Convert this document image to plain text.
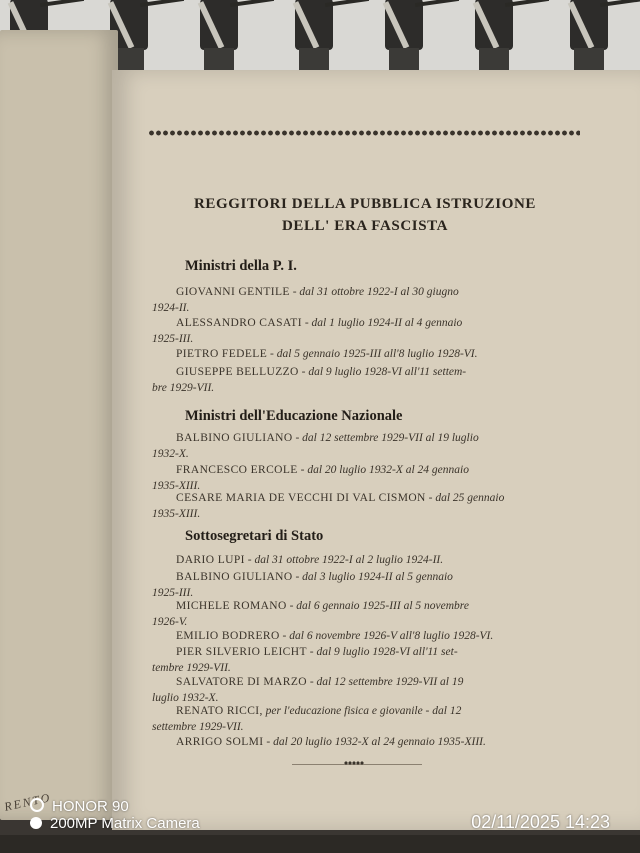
RENTO
REGGITORI DELLA PUBBLICA ISTRUZIONE
DELL' ERA FASCISTA
Ministri della P. I.
GIOVANNI GENTILE - dal 31 ottobre 1922-I al 30 giugno
1924-II.
ALESSANDRO CASATI - dal 1 luglio 1924-II al 4 gennaio
1925-III.
PIETRO FEDELE - dal 5 gennaio 1925-III all'8 luglio 1928-VI.
GIUSEPPE BELLUZZO - dal 9 luglio 1928-VI all'11 settem-
bre 1929-VII.
Ministri dell'Educazione Nazionale
BALBINO GIULIANO - dal 12 settembre 1929-VII al 19 luglio
1932-X.
FRANCESCO ERCOLE - dal 20 luglio 1932-X al 24 gennaio
1935-XIII.
CESARE MARIA DE VECCHI DI VAL CISMON - dal 25 gennaio
1935-XIII.
Sottosegretari di Stato
DARIO LUPI - dal 31 ottobre 1922-I al 2 luglio 1924-II.
BALBINO GIULIANO - dal 3 luglio 1924-II al 5 gennaio
1925-III.
MICHELE ROMANO - dal 6 gennaio 1925-III al 5 novembre
1926-V.
EMILIO BODRERO - dal 6 novembre 1926-V all'8 luglio 1928-VI.
PIER SILVERIO LEICHT - dal 9 luglio 1928-VI all'11 set-
tembre 1929-VII.
SALVATORE DI MARZO - dal 12 settembre 1929-VII al 19
luglio 1932-X.
RENATO RICCI, per l'educazione fisica e giovanile - dal 12
settembre 1929-VII.
ARRIGO SOLMI - dal 20 luglio 1932-X al 24 gennaio 1935-XIII.
HONOR 90
200MP Matrix Camera	02/11/2025 14:23
